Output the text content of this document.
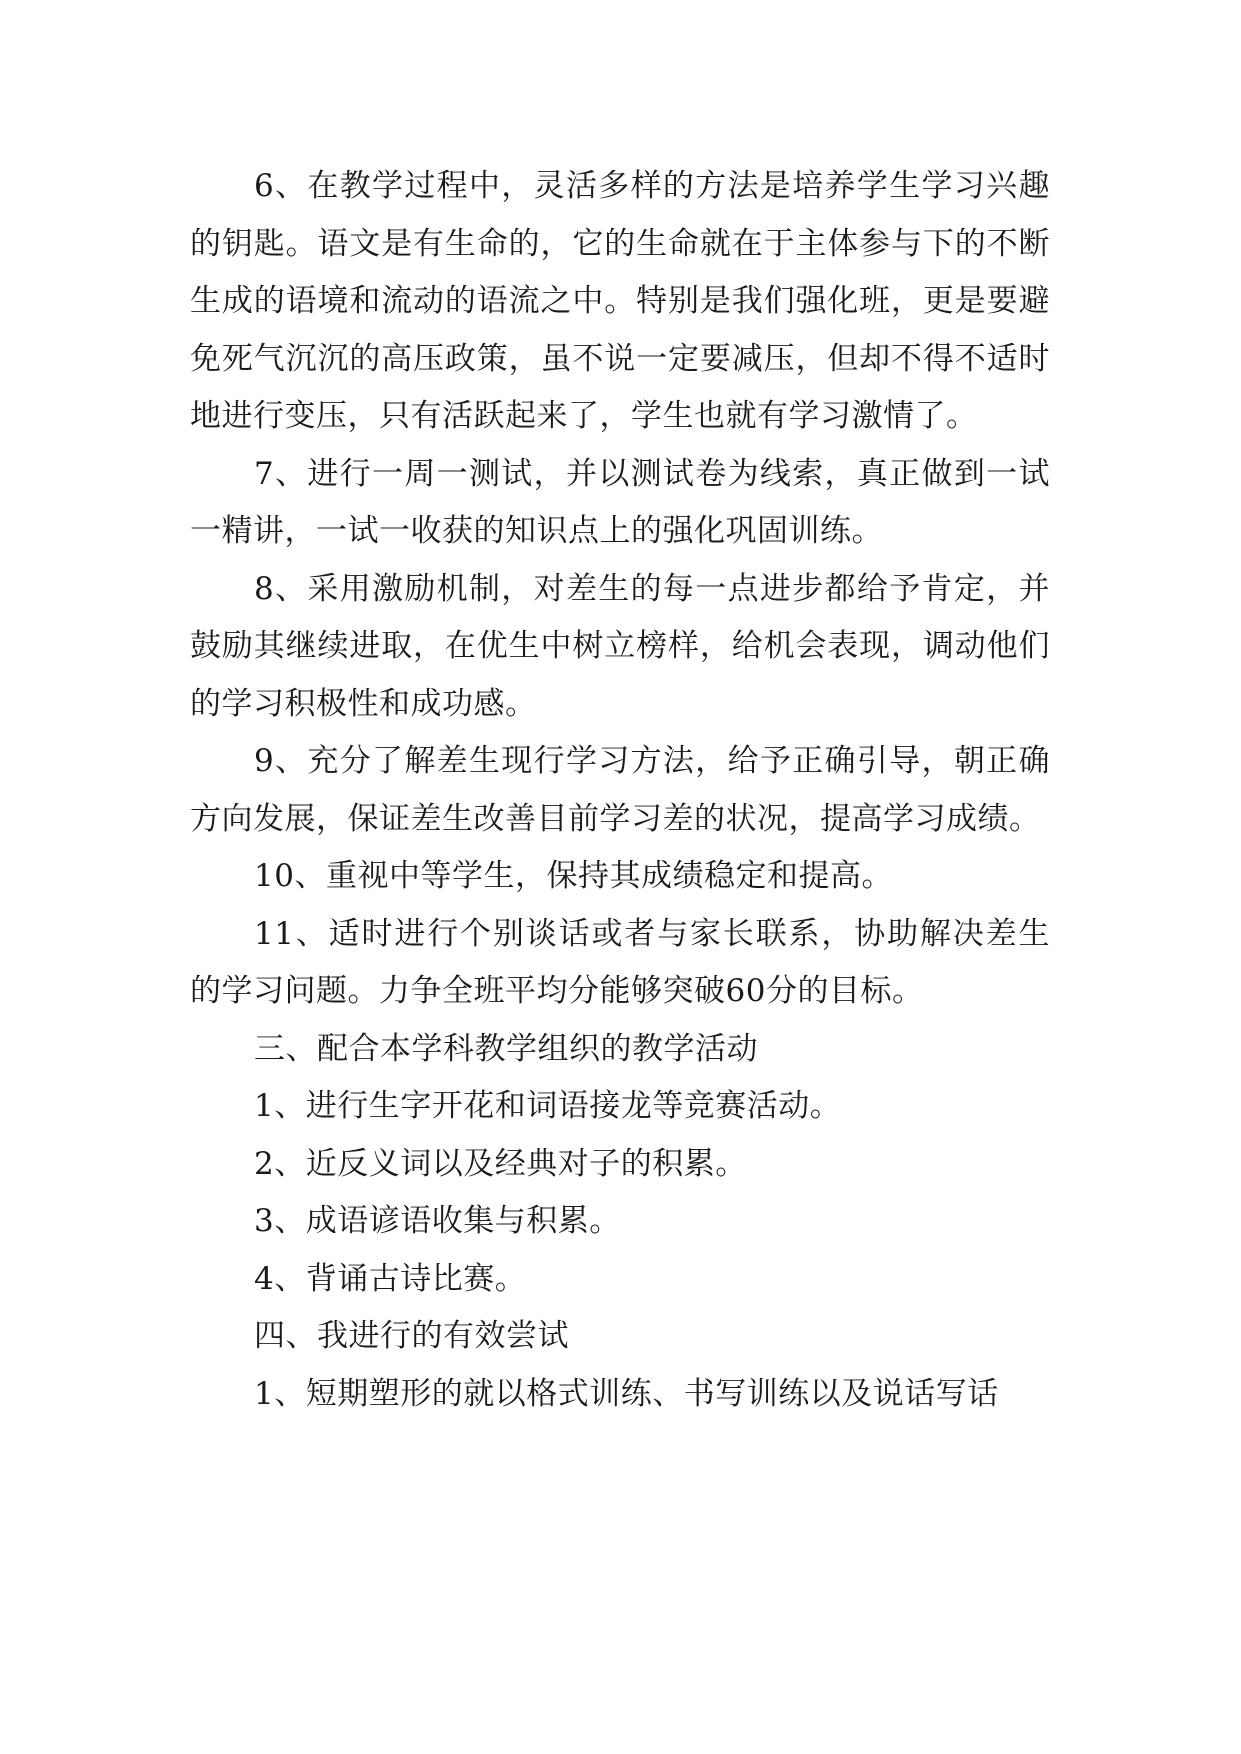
6、在教学过程中，灵活多样的方法是培养学生学习兴趣的钥匙。语文是有生命的，它的生命就在于主体参与下的不断生成的语境和流动的语流之中。特别是我们强化班，更是要避免死气沉沉的高压政策，虽不说一定要减压，但却不得不适时地进行变压，只有活跃起来了，学生也就有学习激情了。

7、进行一周一测试，并以测试卷为线索，真正做到一试一精讲，一试一收获的知识点上的强化巩固训练。

8、采用激励机制，对差生的每一点进步都给予肯定，并鼓励其继续进取，在优生中树立榜样，给机会表现，调动他们的学习积极性和成功感。

9、充分了解差生现行学习方法，给予正确引导，朝正确方向发展，保证差生改善目前学习差的状况，提高学习成绩。

10、重视中等学生，保持其成绩稳定和提高。

11、适时进行个别谈话或者与家长联系，协助解决差生的学习问题。力争全班平均分能够突破60分的目标。

三、配合本学科教学组织的教学活动

1、进行生字开花和词语接龙等竞赛活动。

2、近反义词以及经典对子的积累。

3、成语谚语收集与积累。

4、背诵古诗比赛。

四、我进行的有效尝试

1、短期塑形的就以格式训练、书写训练以及说话写话
